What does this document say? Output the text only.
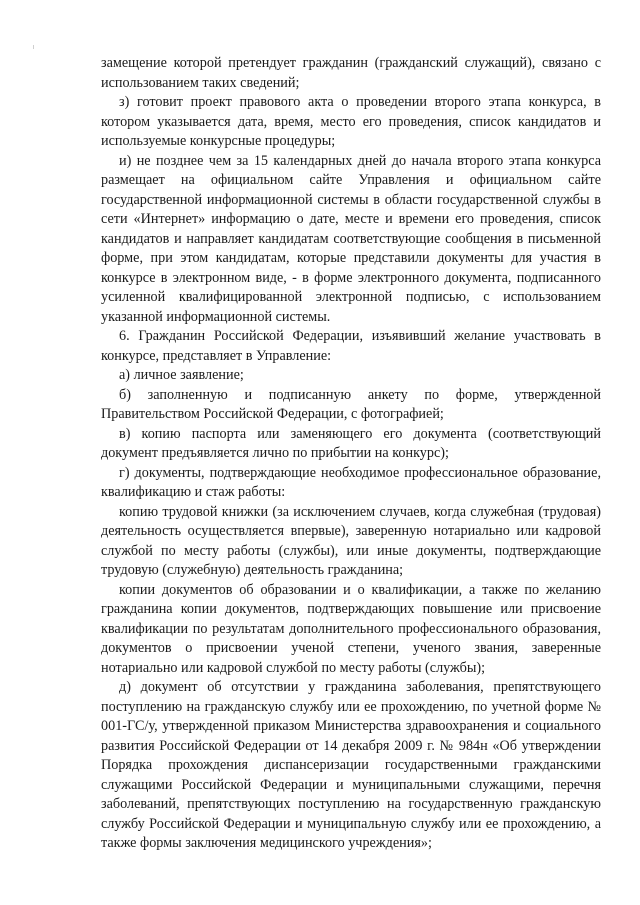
замещение которой претендует гражданин (гражданский служащий), связано с использованием таких сведений;

з) готовит проект правового акта о проведении второго этапа конкурса, в котором указывается дата, время, место его проведения, список кандидатов и используемые конкурсные процедуры;

и) не позднее чем за 15 календарных дней до начала второго этапа конкурса размещает на официальном сайте Управления и официальном сайте государственной информационной системы в области государственной службы в сети «Интернет» информацию о дате, месте и времени его проведения, список кандидатов и направляет кандидатам соответствующие сообщения в письменной форме, при этом кандидатам, которые представили документы для участия в конкурсе в электронном виде, - в форме электронного документа, подписанного усиленной квалифицированной электронной подписью, с использованием указанной информационной системы.

6. Гражданин Российской Федерации, изъявивший желание участвовать в конкурсе, представляет в Управление:

а) личное заявление;

б) заполненную и подписанную анкету по форме, утвержденной Правительством Российской Федерации, с фотографией;

в) копию паспорта или заменяющего его документа (соответствующий документ предъявляется лично по прибытии на конкурс);

г) документы, подтверждающие необходимое профессиональное образование, квалификацию и стаж работы:

копию трудовой книжки (за исключением случаев, когда служебная (трудовая) деятельность осуществляется впервые), заверенную нотариально или кадровой службой по месту работы (службы), или иные документы, подтверждающие трудовую (служебную) деятельность гражданина;

копии документов об образовании и о квалификации, а также по желанию гражданина копии документов, подтверждающих повышение или присвоение квалификации по результатам дополнительного профессионального образования, документов о присвоении ученой степени, ученого звания, заверенные нотариально или кадровой службой по месту работы (службы);

д) документ об отсутствии у гражданина заболевания, препятствующего поступлению на гражданскую службу или ее прохождению, по учетной форме № 001-ГС/у, утвержденной приказом Министерства здравоохранения и социального развития Российской Федерации от 14 декабря 2009 г. № 984н «Об утверждении Порядка прохождения диспансеризации государственными гражданскими служащими Российской Федерации и муниципальными служащими, перечня заболеваний, препятствующих поступлению на государственную гражданскую службу Российской Федерации и муниципальную службу или ее прохождению, а также формы заключения медицинского учреждения»;
